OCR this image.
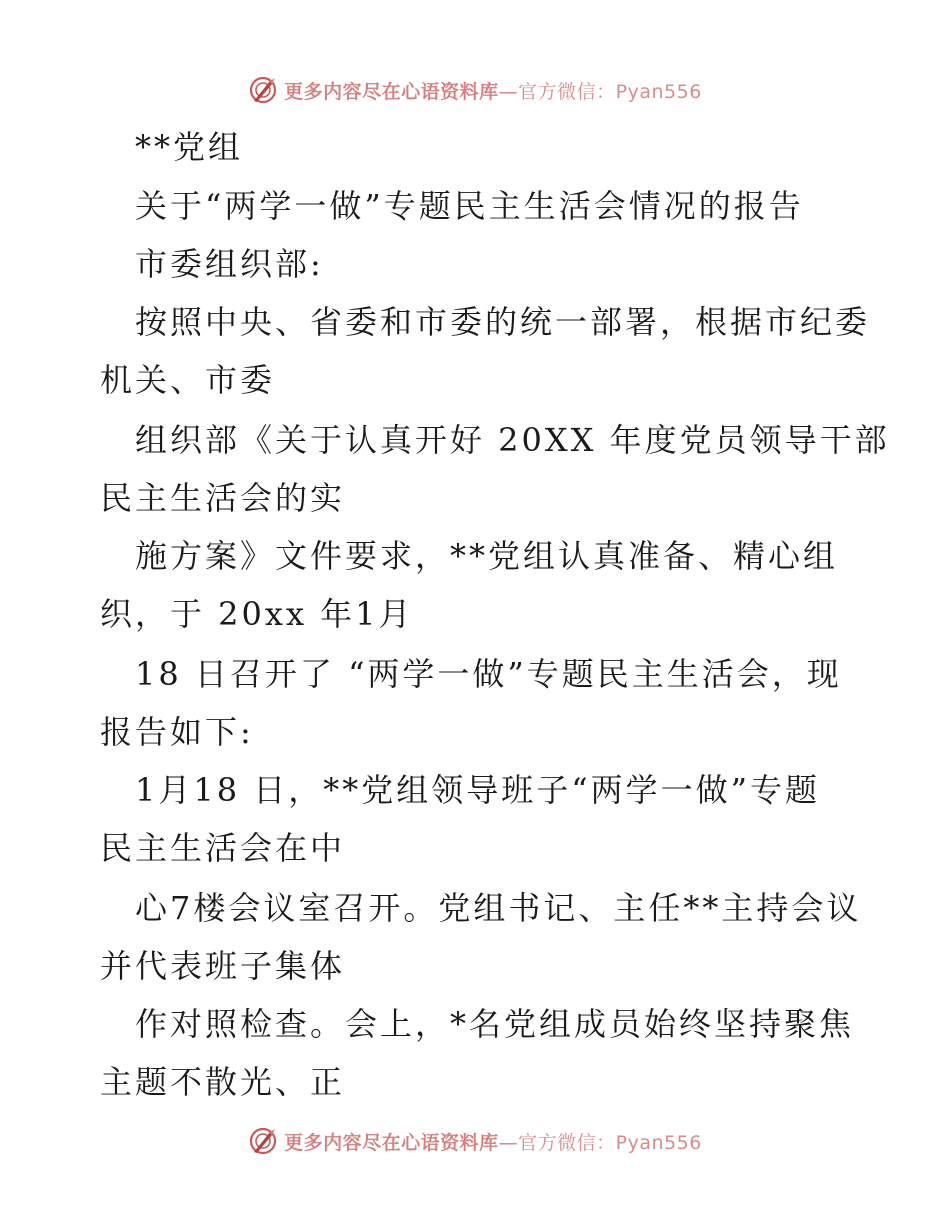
更多内容尽在心语资料库—官方微信：Pyan556
**党组
关于“两学一做”专题民主生活会情况的报告
市委组织部:
按照中央、省委和市委的统一部署，根据市纪委
机关、市委
组织部《关于认真开好 20XX 年度党员领导干部
民主生活会的实
施方案》文件要求，**党组认真准备、精心组
织，于 20xx 年1月
18 日召开了 “两学一做”专题民主生活会，现
报告如下:
1月18 日，**党组领导班子“两学一做”专题
民主生活会在中
心7楼会议室召开。党组书记、主任**主持会议
并代表班子集体
作对照检查。会上，*名党组成员始终坚持聚焦
主题不散光、正
更多内容尽在心语资料库—官方微信：Pyan556
